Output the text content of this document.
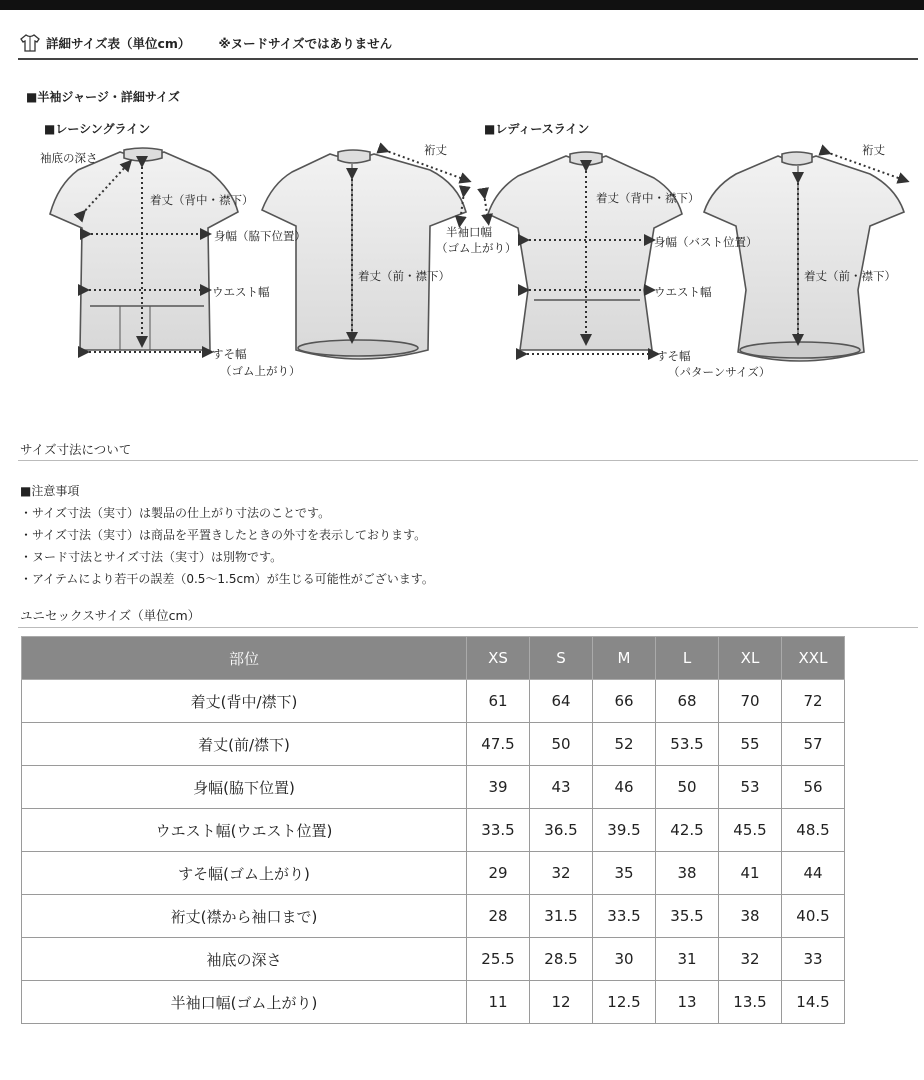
詳細サイズ表（単位cm） ※ヌードサイズではありません
■半袖ジャージ・詳細サイズ
■レーシングライン	■レディースライン
袖底の深さ
着丈（背中・襟下）
身幅（脇下位置）
ウエスト幅
すそ幅
（ゴム上がり）
裄丈
着丈（前・襟下）
半袖口幅
（ゴム上がり）
着丈（背中・襟下）
身幅（バスト位置）
ウエスト幅
すそ幅
（パターンサイズ）
裄丈
着丈（前・襟下）
サイズ寸法について
■注意事項
・サイズ寸法（実寸）は製品の仕上がり寸法のことです。
・サイズ寸法（実寸）は商品を平置きしたときの外寸を表示しております。
・ヌード寸法とサイズ寸法（実寸）は別物です。
・アイテムにより若干の誤差（0.5〜1.5cm）が生じる可能性がございます。
ユニセックスサイズ（単位cm）
部位	XS	S	M	L	XL	XXL
着丈(背中/襟下)	61	64	66	68	70	72
着丈(前/襟下)	47.5	50	52	53.5	55	57
身幅(脇下位置)	39	43	46	50	53	56
ウエスト幅(ウエスト位置)	33.5	36.5	39.5	42.5	45.5	48.5
すそ幅(ゴム上がり)	29	32	35	38	41	44
裄丈(襟から袖口まで)	28	31.5	33.5	35.5	38	40.5
袖底の深さ	25.5	28.5	30	31	32	33
半袖口幅(ゴム上がり)	11	12	12.5	13	13.5	14.5
